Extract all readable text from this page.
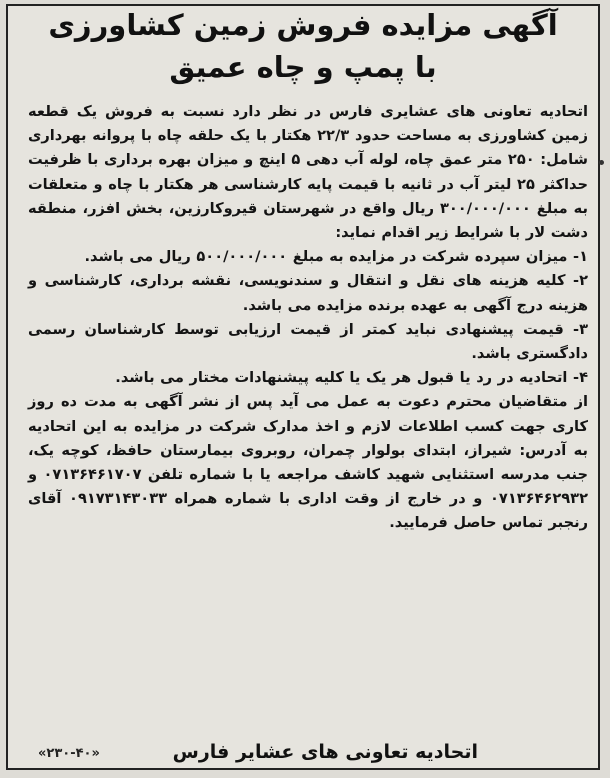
آگهی مزایده فروش زمین کشاورزی
با پمپ و چاه عمیق

اتحادیه تعاونی های عشایری فارس در نظر دارد نسبت به فروش یک قطعه زمین کشاورزی به مساحت حدود ۲۲/۳ هکتار با یک حلقه چاه با پروانه بهرداری شامل: ۲۵۰ متر عمق چاه، لوله آب دهی ۵ اینچ و میزان بهره برداری با ظرفیت حداکثر ۲۵ لیتر آب در ثانیه با قیمت پایه کارشناسی هر هکتار با چاه و متعلقات به مبلغ ۳۰۰/۰۰۰/۰۰۰ ریال واقع در شهرستان قیروکارزین، بخش افزر، منطقه دشت لار با شرایط زیر اقدام نماید:

۱- میزان سپرده شرکت در مزایده به مبلغ ۵۰۰/۰۰۰/۰۰۰ ریال می باشد.

۲- کلیه هزینه های نقل و انتقال و سندنویسی، نقشه برداری، کارشناسی و هزینه درج آگهی به عهده برنده مزایده می باشد.

۳- قیمت پیشنهادی نباید کمتر از قیمت ارزیابی توسط کارشناسان رسمی دادگستری باشد.

۴- اتحادیه در رد یا قبول هر یک یا کلیه پیشنهادات مختار می باشد.

از متقاضیان محترم دعوت به عمل می آید پس از نشر آگهی به مدت ده روز کاری جهت کسب اطلاعات لازم و اخذ مدارک شرکت در مزایده به این اتحادیه به آدرس: شیراز، ابتدای بولوار چمران، روبروی بیمارستان حافظ، کوچه یک، جنب مدرسه استثنایی شهید کاشف مراجعه یا با شماره تلفن ۰۷۱۳۶۴۶۱۷۰۷ و ۰۷۱۳۶۴۶۲۹۳۲ و در خارج از وقت اداری با شماره همراه ۰۹۱۷۳۱۴۳۰۳۳ آقای رنجبر تماس حاصل فرمایید.

اتحادیه تعاونی های عشایر فارس
«۲۳۰-۴۰»
